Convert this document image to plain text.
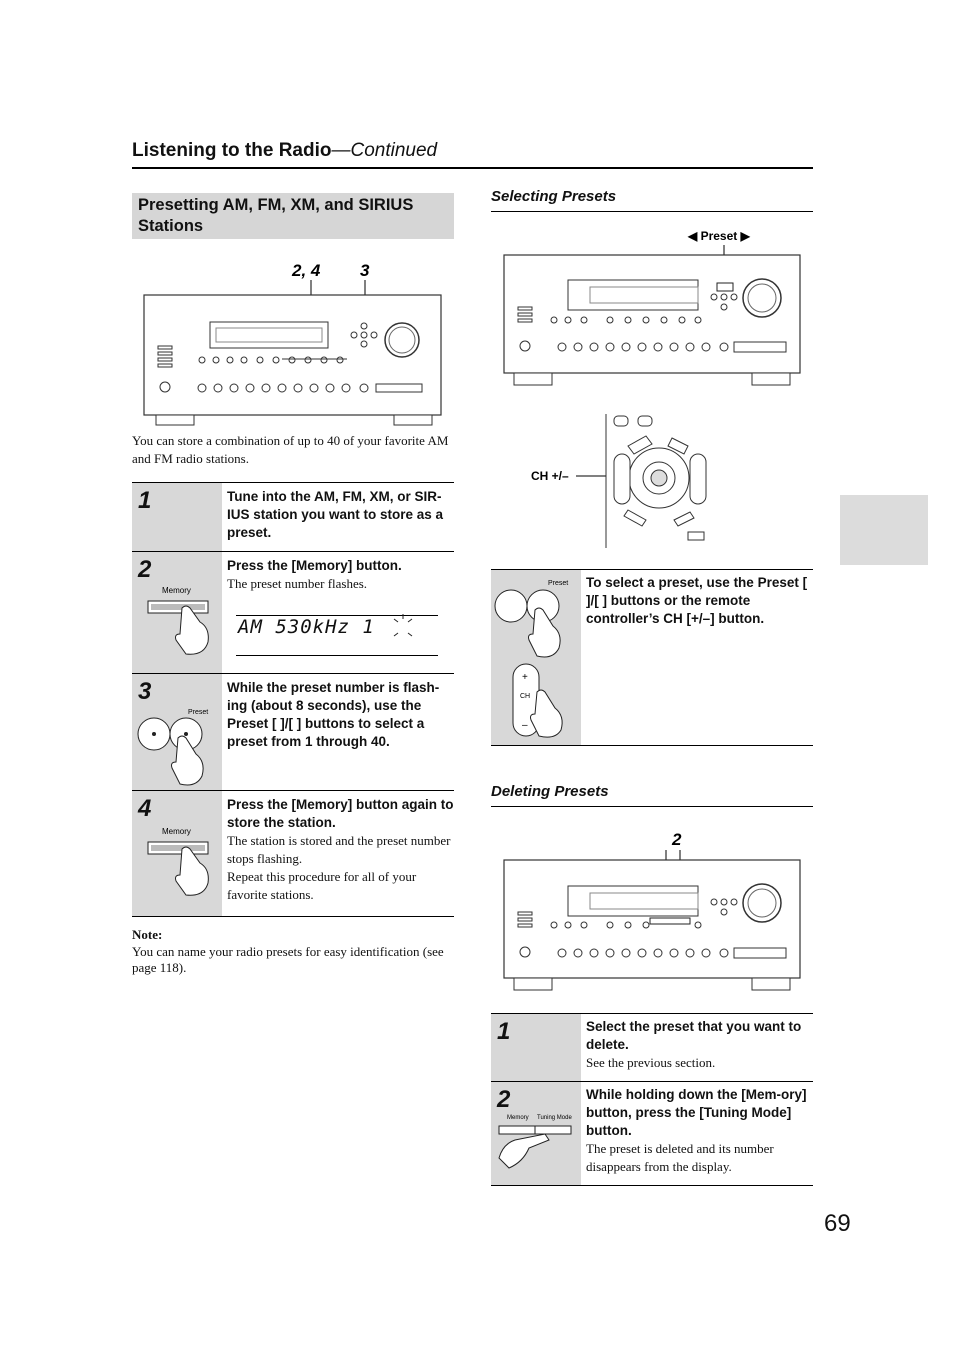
Listening to the Radio—Continued
Presetting AM, FM, XM, and SIRIUS Stations
2, 4 3
You can store a combination of up to 40 of your favorite AM and FM radio stations.
1	Tune into the AM, FM, XM, or SIR-IUS station you want to store as a preset.
2
Memory
Press the [Memory] button.
The preset number flashes.
AM 530kHz 1
3
Preset
While the preset number is flash-ing (about 8 seconds), use the Preset [ ]/[ ] buttons to select a preset from 1 through 40.
4
Memory
Press the [Memory] button again to store the station.
The station is stored and the preset number stops flashing.
Repeat this procedure for all of your favorite stations.
Note:
You can name your radio presets for easy identification (see page 118).
Selecting Presets
◀ Preset ▶
CH +/–
Preset
+
CH
–
To select a preset, use the Preset [ ]/[ ] buttons or the remote controller’s CH [+/–] button.
Deleting Presets
2
1	Select the preset that you want to delete.
See the previous section.
2
Memory Tuning Mode
While holding down the [Mem-ory] button, press the [Tuning Mode] button.
The preset is deleted and its number disappears from the display.
69
